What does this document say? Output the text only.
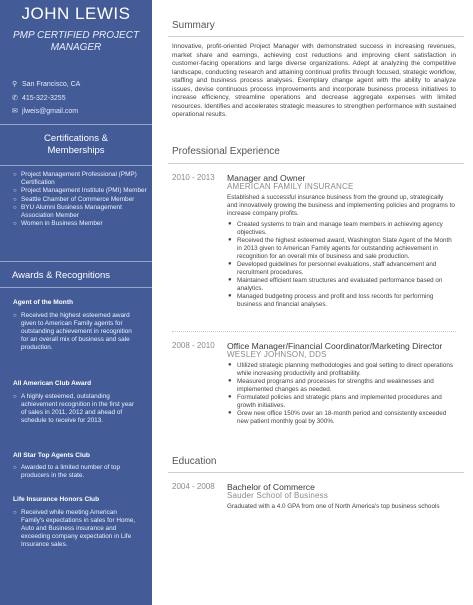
JOHN LEWIS
PMP CERTIFIED PROJECT MANAGER
⚲ San Francisco, CA
✆ 415-322-3255
✉ jlweis@gmail.com
Certifications & Memberships
○ Project Management Professional (PMP) Certification
○ Project Management Institute (PMI) Member
○ Seattle Chamber of Commerce Member
○ BYU Alumni Business Management Association Member
○ Women in Business Member
Awards & Recognitions
Agent of the Month
○ Received the highest esteemed award given to American Family agents for outstanding achievement in recognition for an overall mix of business and sale production.
All American Club Award
○ A highly esteemed, outstanding achievement recognition in the first year of sales in 2011, 2012 and ahead of schedule to receive for 2013.
All Star Top Agents Club
○ Awarded to a limited number of top producers in the state.
Life Insurance Honors Club
○ Received while meeting American Family's expectations in sales for Home, Auto and Business insurance and exceeding company expectation in Life Insurance sales.
Summary
Innovative, profit-oriented Project Manager with demonstrated success in increasing revenues, market share and earnings, achieving cost reductions and improving client satisfaction in customer-facing operations and large diverse organizations. Adept at analyzing the competitive landscape, conducting research and attaining continual profits through focused, strategic workflow, staffing and business process analyses. Exemplary change agent with the ability to analyze issues, devise continuous process improvements and incorporate business process initiatives to increase efficiency, streamline operations and decrease aggregate expenses with limited resources. Identifies and accelerates strategic measures to strengthen performance with sustained operational results.
Professional Experience
2010 - 2013	Manager and Owner
AMERICAN FAMILY INSURANCE
Established a successful insurance business from the ground up, strategically and innovatively growing the business and implementing policies and programs to increase company profits.
● Created systems to train and manage team members in achieving agency objectives.
● Received the highest esteemed award, Washington State Agent of the Month in 2013 given to American Family agents for outstanding achievement in recognition for an overall mix of business and sale production.
● Developed guidelines for personnel evaluations, staff advancement and recruitment procedures.
● Maintained efficient team structures and evaluated performance based on analytics.
● Managed budgeting process and profit and loss records for performing business and financial analyses.
2008 - 2010	Office Manager/Financial Coordinator/Marketing Director
WESLEY JOHNSON, DDS
● Utilized strategic planning methodologies and goal setting to direct operations while increasing productivity and profitability.
● Measured programs and processes for strengths and weaknesses and implemented changes as needed.
● Formulated policies and strategic plans and implemented procedures and growth initiatives.
● Grew new office 150% over an 18-month period and consistently exceeded new patient monthly goal by 300%.
Education
2004 - 2008	Bachelor of Commerce
Sauder School of Business
Graduated with a 4.0 GPA from one of North America's top business schools
